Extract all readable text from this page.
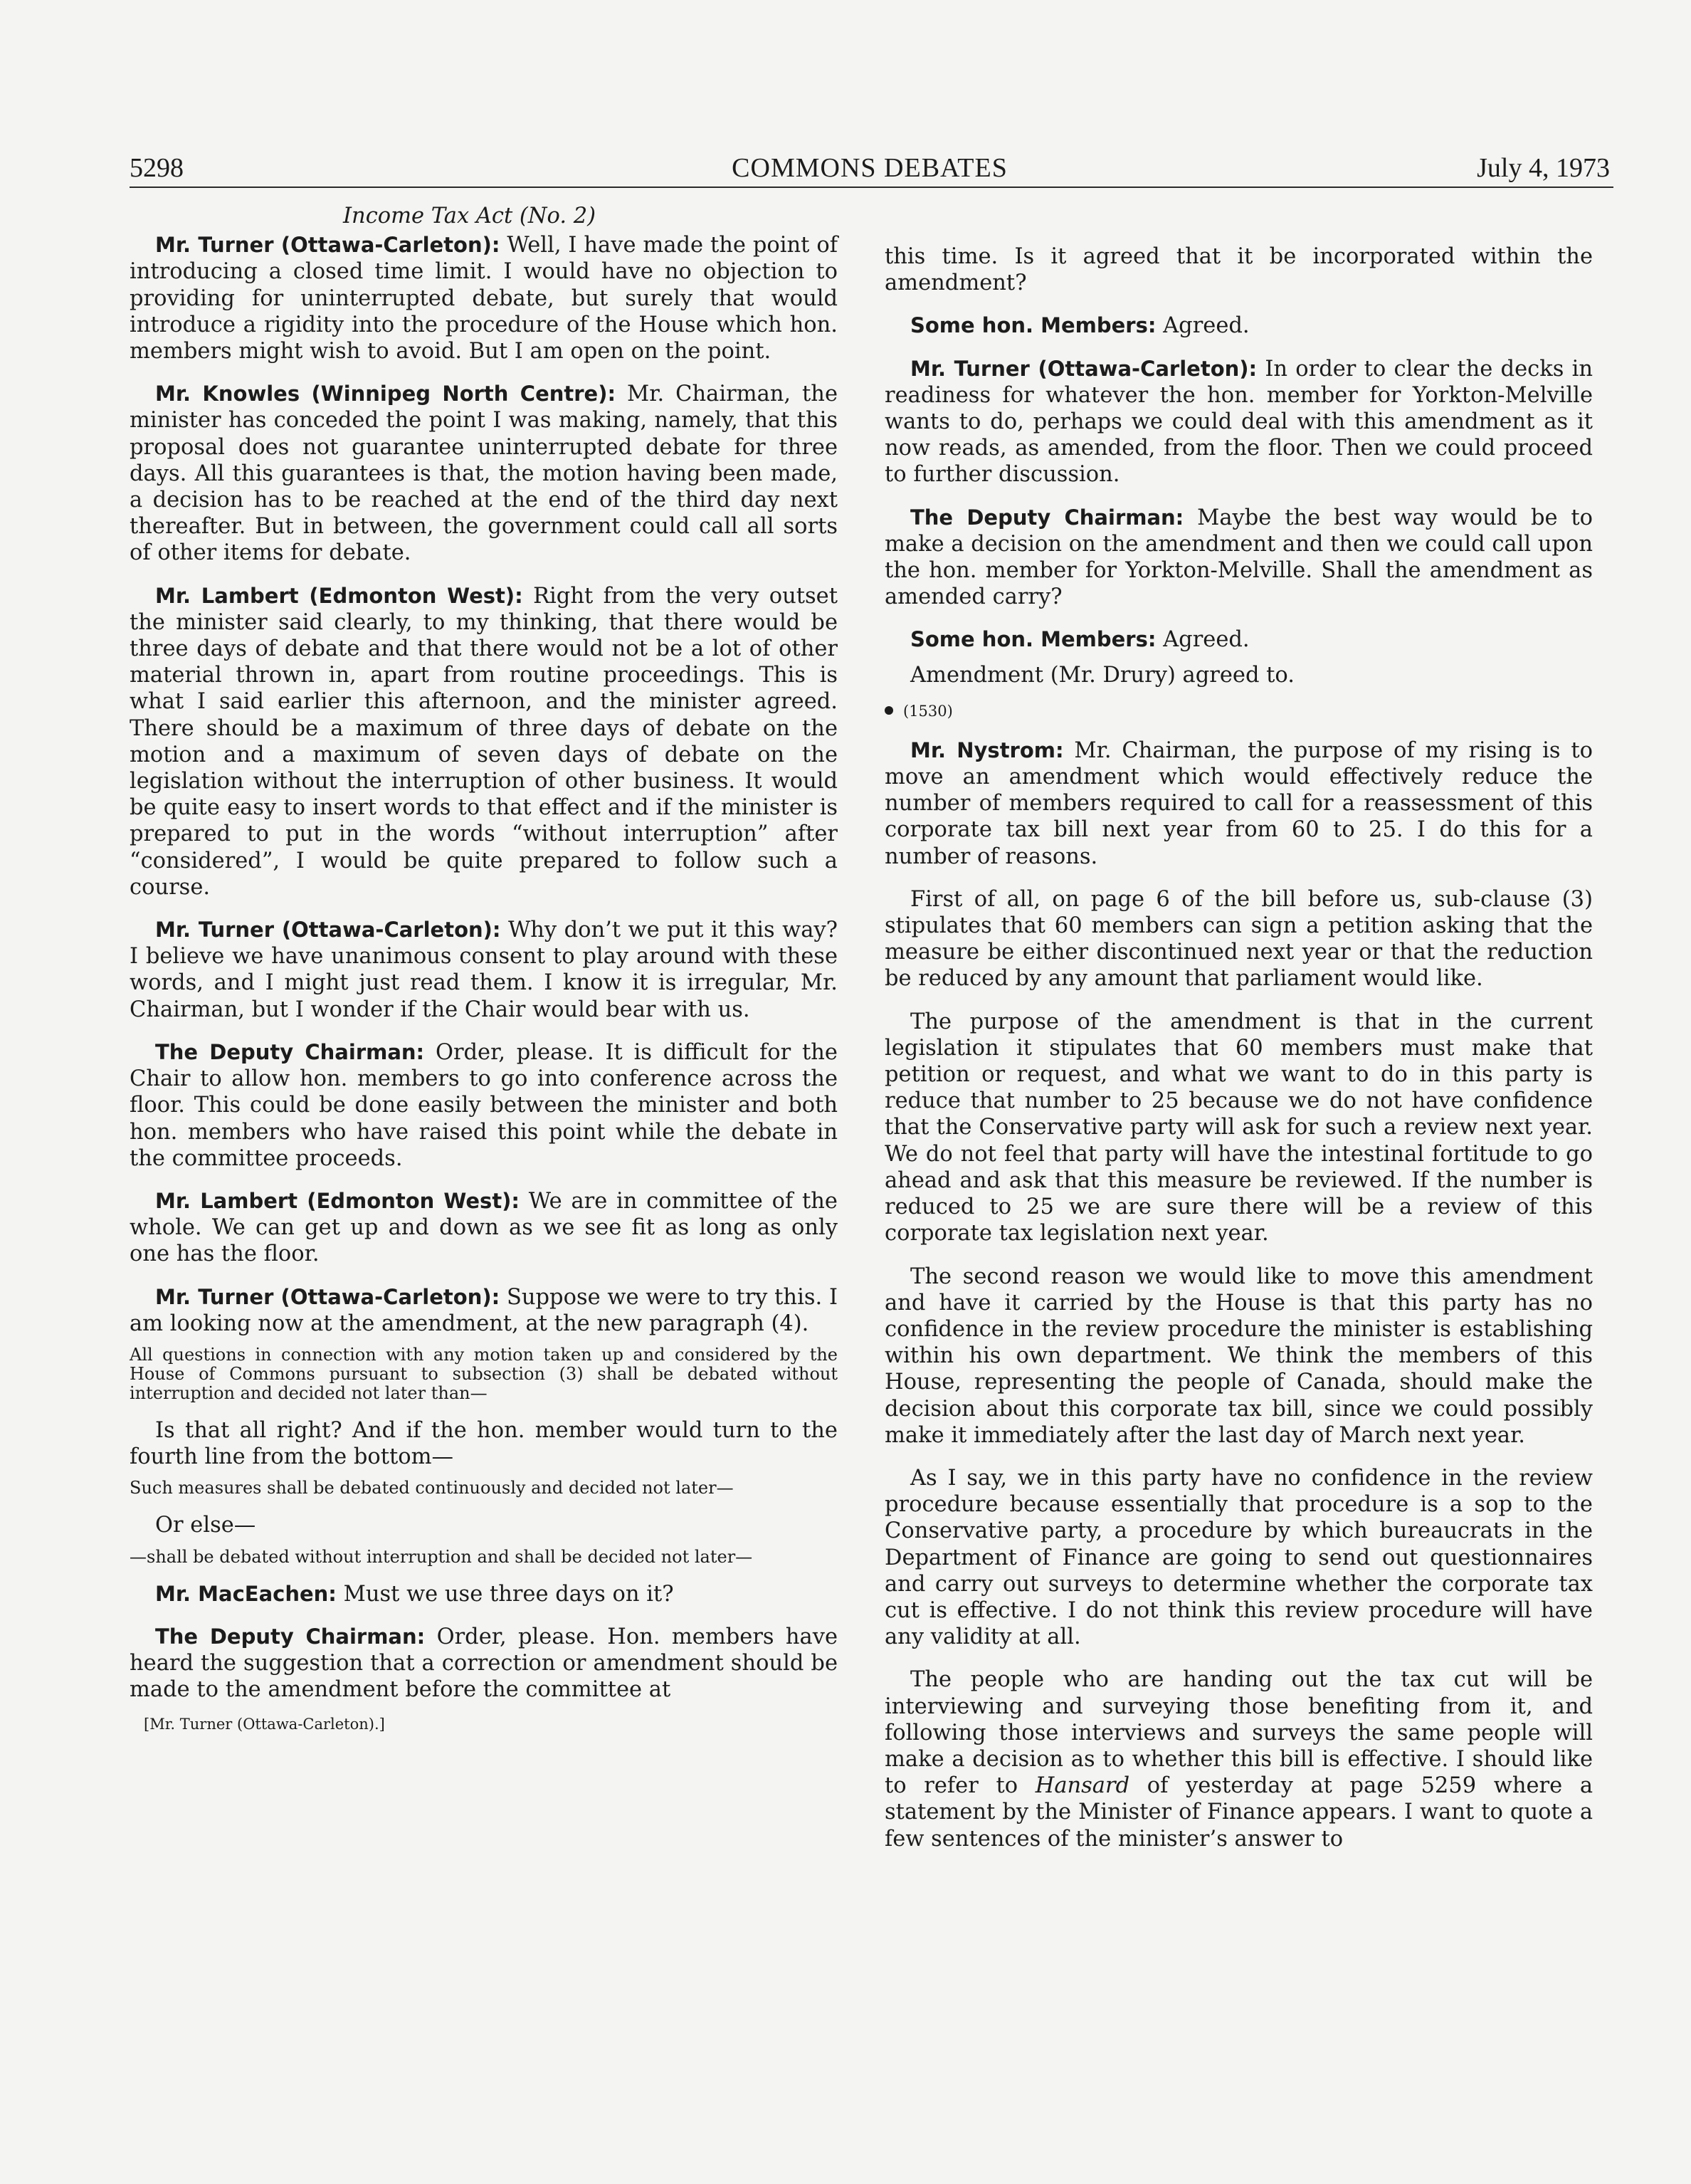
5298	COMMONS DEBATES	July 4, 1973

Income Tax Act (No. 2)

Mr. Turner (Ottawa-Carleton): Well, I have made the point of introducing a closed time limit. I would have no objection to providing for uninterrupted debate, but surely that would introduce a rigidity into the procedure of the House which hon. members might wish to avoid. But I am open on the point.

Mr. Knowles (Winnipeg North Centre): Mr. Chairman, the minister has conceded the point I was making, namely, that this proposal does not guarantee uninterrupted debate for three days. All this guarantees is that, the motion having been made, a decision has to be reached at the end of the third day next thereafter. But in between, the government could call all sorts of other items for debate.

Mr. Lambert (Edmonton West): Right from the very outset the minister said clearly, to my thinking, that there would be three days of debate and that there would not be a lot of other material thrown in, apart from routine proceedings. This is what I said earlier this afternoon, and the minister agreed. There should be a maximum of three days of debate on the motion and a maximum of seven days of debate on the legislation without the interruption of other business. It would be quite easy to insert words to that effect and if the minister is prepared to put in the words “without interruption” after “considered”, I would be quite prepared to follow such a course.

Mr. Turner (Ottawa-Carleton): Why don’t we put it this way? I believe we have unanimous consent to play around with these words, and I might just read them. I know it is irregular, Mr. Chairman, but I wonder if the Chair would bear with us.

The Deputy Chairman: Order, please. It is difficult for the Chair to allow hon. members to go into conference across the floor. This could be done easily between the minister and both hon. members who have raised this point while the debate in the committee proceeds.

Mr. Lambert (Edmonton West): We are in committee of the whole. We can get up and down as we see fit as long as only one has the floor.

Mr. Turner (Ottawa-Carleton): Suppose we were to try this. I am looking now at the amendment, at the new paragraph (4).

All questions in connection with any motion taken up and considered by the House of Commons pursuant to subsection (3) shall be debated without interruption and decided not later than—

Is that all right? And if the hon. member would turn to the fourth line from the bottom—

Such measures shall be debated continuously and decided not later—

Or else—

—shall be debated without interruption and shall be decided not later—

Mr. MacEachen: Must we use three days on it?

The Deputy Chairman: Order, please. Hon. members have heard the suggestion that a correction or amendment should be made to the amendment before the committee at

[Mr. Turner (Ottawa-Carleton).]

this time. Is it agreed that it be incorporated within the amendment?

Some hon. Members: Agreed.

Mr. Turner (Ottawa-Carleton): In order to clear the decks in readiness for whatever the hon. member for Yorkton-Melville wants to do, perhaps we could deal with this amendment as it now reads, as amended, from the floor. Then we could proceed to further discussion.

The Deputy Chairman: Maybe the best way would be to make a decision on the amendment and then we could call upon the hon. member for Yorkton-Melville. Shall the amendment as amended carry?

Some hon. Members: Agreed.

Amendment (Mr. Drury) agreed to.

(1530)

Mr. Nystrom: Mr. Chairman, the purpose of my rising is to move an amendment which would effectively reduce the number of members required to call for a reassessment of this corporate tax bill next year from 60 to 25. I do this for a number of reasons.

First of all, on page 6 of the bill before us, sub-clause (3) stipulates that 60 members can sign a petition asking that the measure be either discontinued next year or that the reduction be reduced by any amount that parliament would like.

The purpose of the amendment is that in the current legislation it stipulates that 60 members must make that petition or request, and what we want to do in this party is reduce that number to 25 because we do not have confidence that the Conservative party will ask for such a review next year. We do not feel that party will have the intestinal fortitude to go ahead and ask that this measure be reviewed. If the number is reduced to 25 we are sure there will be a review of this corporate tax legislation next year.

The second reason we would like to move this amendment and have it carried by the House is that this party has no confidence in the review procedure the minister is establishing within his own department. We think the members of this House, representing the people of Canada, should make the decision about this corporate tax bill, since we could possibly make it immediately after the last day of March next year.

As I say, we in this party have no confidence in the review procedure because essentially that procedure is a sop to the Conservative party, a procedure by which bureaucrats in the Department of Finance are going to send out questionnaires and carry out surveys to determine whether the corporate tax cut is effective. I do not think this review procedure will have any validity at all.

The people who are handing out the tax cut will be interviewing and surveying those benefiting from it, and following those interviews and surveys the same people will make a decision as to whether this bill is effective. I should like to refer to Hansard of yesterday at page 5259 where a statement by the Minister of Finance appears. I want to quote a few sentences of the minister’s answer to
